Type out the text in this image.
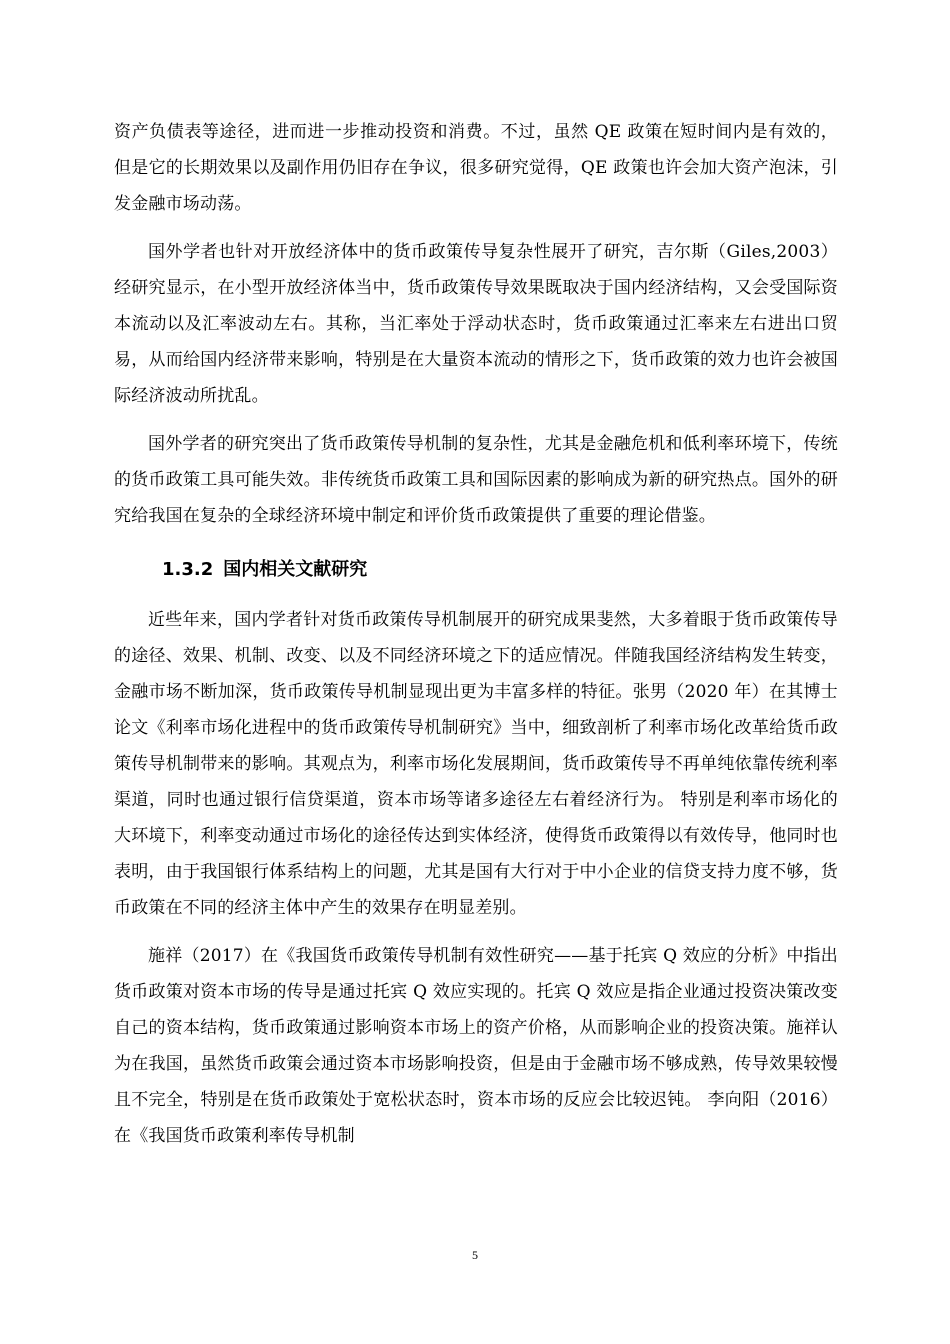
资产负债表等途径，进而进一步推动投资和消费。不过，虽然 QE 政策在短时间内是有效的，但是它的长期效果以及副作用仍旧存在争议，很多研究觉得，QE 政策也许会加大资产泡沫，引发金融市场动荡。

国外学者也针对开放经济体中的货币政策传导复杂性展开了研究，吉尔斯（Giles,2003）经研究显示，在小型开放经济体当中，货币政策传导效果既取决于国内经济结构，又会受国际资本流动以及汇率波动左右。其称，当汇率处于浮动状态时，货币政策通过汇率来左右进出口贸易，从而给国内经济带来影响，特别是在大量资本流动的情形之下，货币政策的效力也许会被国际经济波动所扰乱。

国外学者的研究突出了货币政策传导机制的复杂性，尤其是金融危机和低利率环境下，传统的货币政策工具可能失效。非传统货币政策工具和国际因素的影响成为新的研究热点。国外的研究给我国在复杂的全球经济环境中制定和评价货币政策提供了重要的理论借鉴。

1.3.2 国内相关文献研究

近些年来，国内学者针对货币政策传导机制展开的研究成果斐然，大多着眼于货币政策传导的途径、效果、机制、改变、以及不同经济环境之下的适应情况。伴随我国经济结构发生转变，金融市场不断加深，货币政策传导机制显现出更为丰富多样的特征。张男（2020 年）在其博士论文《利率市场化进程中的货币政策传导机制研究》当中，细致剖析了利率市场化改革给货币政策传导机制带来的影响。其观点为，利率市场化发展期间，货币政策传导不再单纯依靠传统利率渠道，同时也通过银行信贷渠道，资本市场等诸多途径左右着经济行为。 特别是利率市场化的大环境下，利率变动通过市场化的途径传达到实体经济，使得货币政策得以有效传导，他同时也表明，由于我国银行体系结构上的问题，尤其是国有大行对于中小企业的信贷支持力度不够，货币政策在不同的经济主体中产生的效果存在明显差别。

施祥（2017）在《我国货币政策传导机制有效性研究——基于托宾 Q 效应的分析》中指出货币政策对资本市场的传导是通过托宾 Q 效应实现的。托宾 Q 效应是指企业通过投资决策改变自己的资本结构，货币政策通过影响资本市场上的资产价格，从而影响企业的投资决策。施祥认为在我国，虽然货币政策会通过资本市场影响投资，但是由于金融市场不够成熟，传导效果较慢且不完全，特别是在货币政策处于宽松状态时，资本市场的反应会比较迟钝。 李向阳（2016）在《我国货币政策利率传导机制

5
